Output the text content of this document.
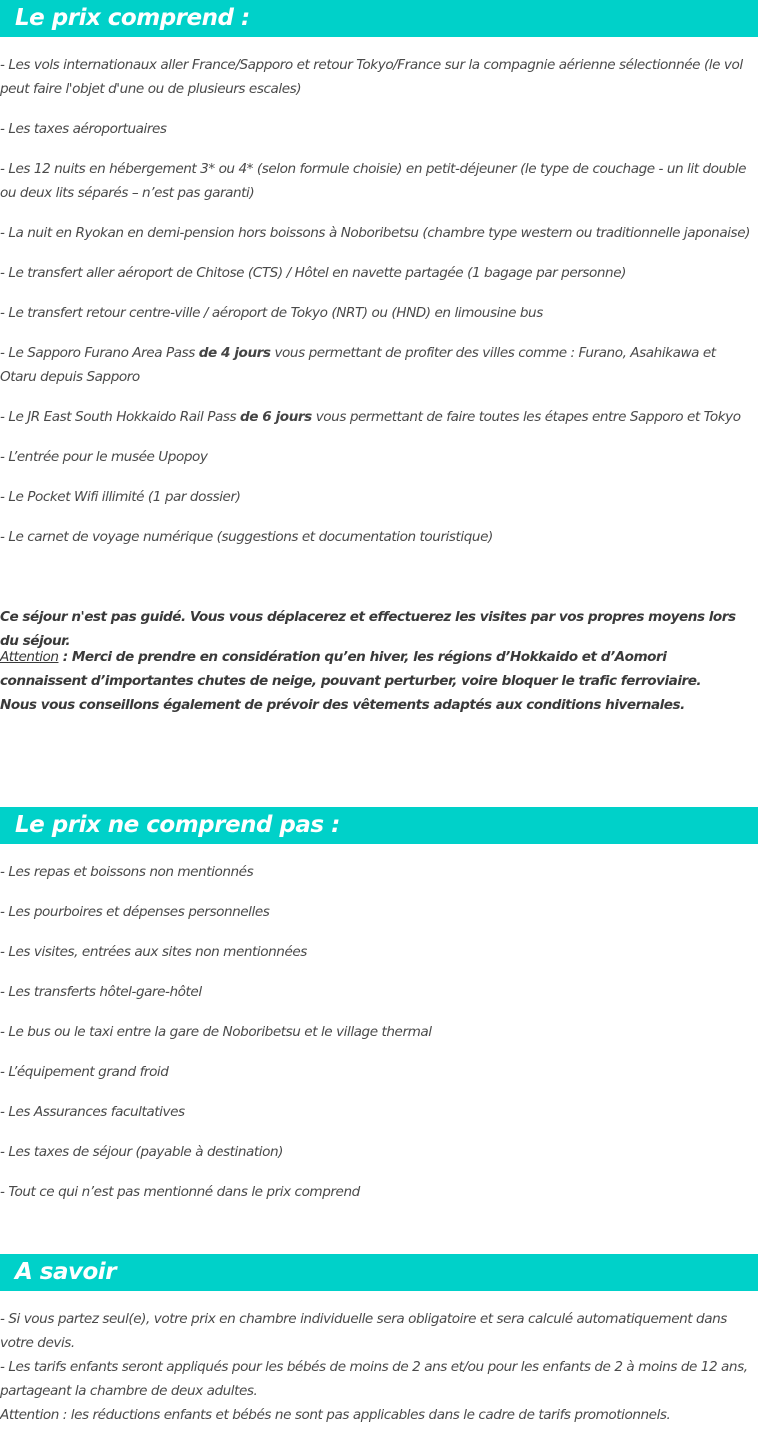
Le prix comprend :

- Les vols internationaux aller France/Sapporo et retour Tokyo/France sur la compagnie aérienne sélectionnée (le vol peut faire l'objet d'une ou de plusieurs escales)

- Les taxes aéroportuaires

- Les 12 nuits en hébergement 3* ou 4* (selon formule choisie) en petit-déjeuner (le type de couchage - un lit double ou deux lits séparés – n’est pas garanti)

- La nuit en Ryokan en demi-pension hors boissons à Noboribetsu (chambre type western ou traditionnelle japonaise)

- Le transfert aller aéroport de Chitose (CTS) / Hôtel en navette partagée (1 bagage par personne)

- Le transfert retour centre-ville / aéroport de Tokyo (NRT) ou (HND) en limousine bus

- Le Sapporo Furano Area Pass de 4 jours vous permettant de profiter des villes comme : Furano, Asahikawa et Otaru depuis Sapporo

- Le JR East South Hokkaido Rail Pass de 6 jours vous permettant de faire toutes les étapes entre Sapporo et Tokyo

- L’entrée pour le musée Upopoy

- Le Pocket Wifi illimité (1 par dossier)

- Le carnet de voyage numérique (suggestions et documentation touristique)

Ce séjour n'est pas guidé. Vous vous déplacerez et effectuerez les visites par vos propres moyens lors du séjour.

Attention : Merci de prendre en considération qu’en hiver, les régions d’Hokkaido et d’Aomori connaissent d’importantes chutes de neige, pouvant perturber, voire bloquer le trafic ferroviaire. Nous vous conseillons également de prévoir des vêtements adaptés aux conditions hivernales.

Le prix ne comprend pas :

- Les repas et boissons non mentionnés

- Les pourboires et dépenses personnelles

- Les visites, entrées aux sites non mentionnées

- Les transferts hôtel-gare-hôtel

- Le bus ou le taxi entre la gare de Noboribetsu et le village thermal

- L’équipement grand froid

- Les Assurances facultatives

- Les taxes de séjour (payable à destination)

- Tout ce qui n’est pas mentionné dans le prix comprend

A savoir
- Si vous partez seul(e), votre prix en chambre individuelle sera obligatoire et sera calculé automatiquement dans votre devis.
- Les tarifs enfants seront appliqués pour les bébés de moins de 2 ans et/ou pour les enfants de 2 à moins de 12 ans, partageant la chambre de deux adultes.
Attention : les réductions enfants et bébés ne sont pas applicables dans le cadre de tarifs promotionnels.
